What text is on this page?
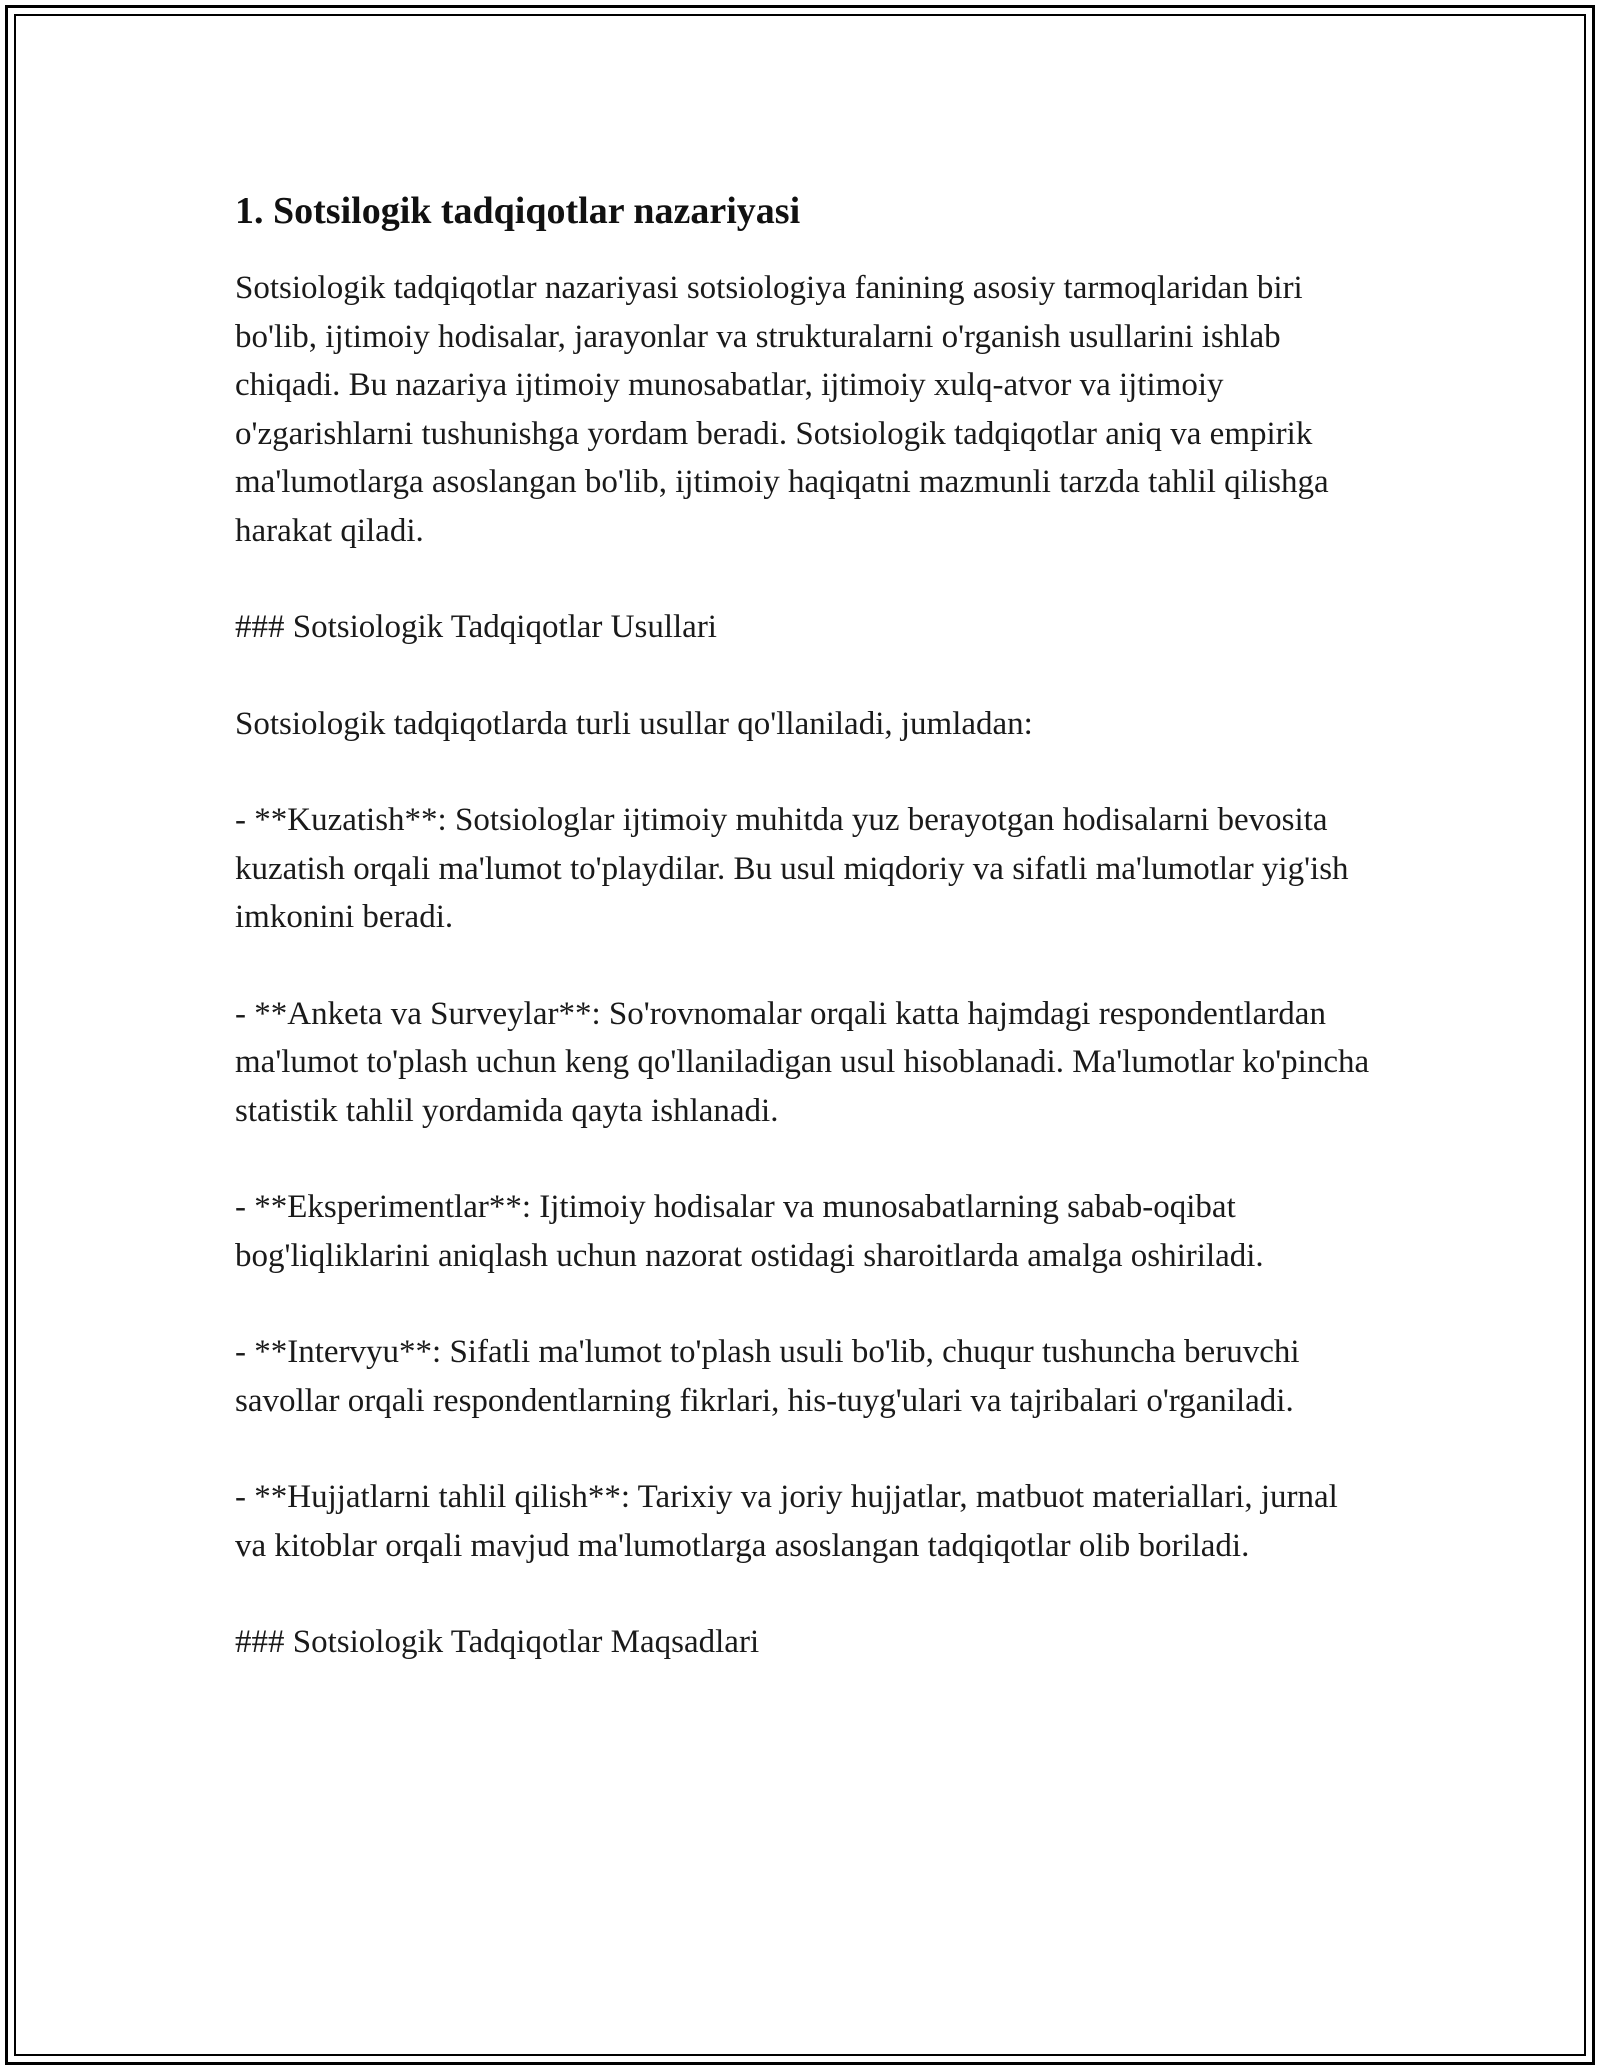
1. Sotsilogik tadqiqotlar nazariyasi

Sotsiologik tadqiqotlar nazariyasi sotsiologiya fanining asosiy tarmoqlaridan biri bo'lib, ijtimoiy hodisalar, jarayonlar va strukturalarni o'rganish usullarini ishlab chiqadi. Bu nazariya ijtimoiy munosabatlar, ijtimoiy xulq-atvor va ijtimoiy o'zgarishlarni tushunishga yordam beradi. Sotsiologik tadqiqotlar aniq va empirik ma'lumotlarga asoslangan bo'lib, ijtimoiy haqiqatni mazmunli tarzda tahlil qilishga harakat qiladi.

### Sotsiologik Tadqiqotlar Usullari

Sotsiologik tadqiqotlarda turli usullar qo'llaniladi, jumladan:

- **Kuzatish**: Sotsiologlar ijtimoiy muhitda yuz berayotgan hodisalarni bevosita kuzatish orqali ma'lumot to'playdilar. Bu usul miqdoriy va sifatli ma'lumotlar yig'ish imkonini beradi.

- **Anketa va Surveylar**: So'rovnomalar orqali katta hajmdagi respondentlardan ma'lumot to'plash uchun keng qo'llaniladigan usul hisoblanadi. Ma'lumotlar ko'pincha statistik tahlil yordamida qayta ishlanadi.

- **Eksperimentlar**: Ijtimoiy hodisalar va munosabatlarning sabab-oqibat bog'liqliklarini aniqlash uchun nazorat ostidagi sharoitlarda amalga oshiriladi.

- **Intervyu**: Sifatli ma'lumot to'plash usuli bo'lib, chuqur tushuncha beruvchi savollar orqali respondentlarning fikrlari, his-tuyg'ulari va tajribalari o'rganiladi.

- **Hujjatlarni tahlil qilish**: Tarixiy va joriy hujjatlar, matbuot materiallari, jurnal va kitoblar orqali mavjud ma'lumotlarga asoslangan tadqiqotlar olib boriladi.

### Sotsiologik Tadqiqotlar Maqsadlari
